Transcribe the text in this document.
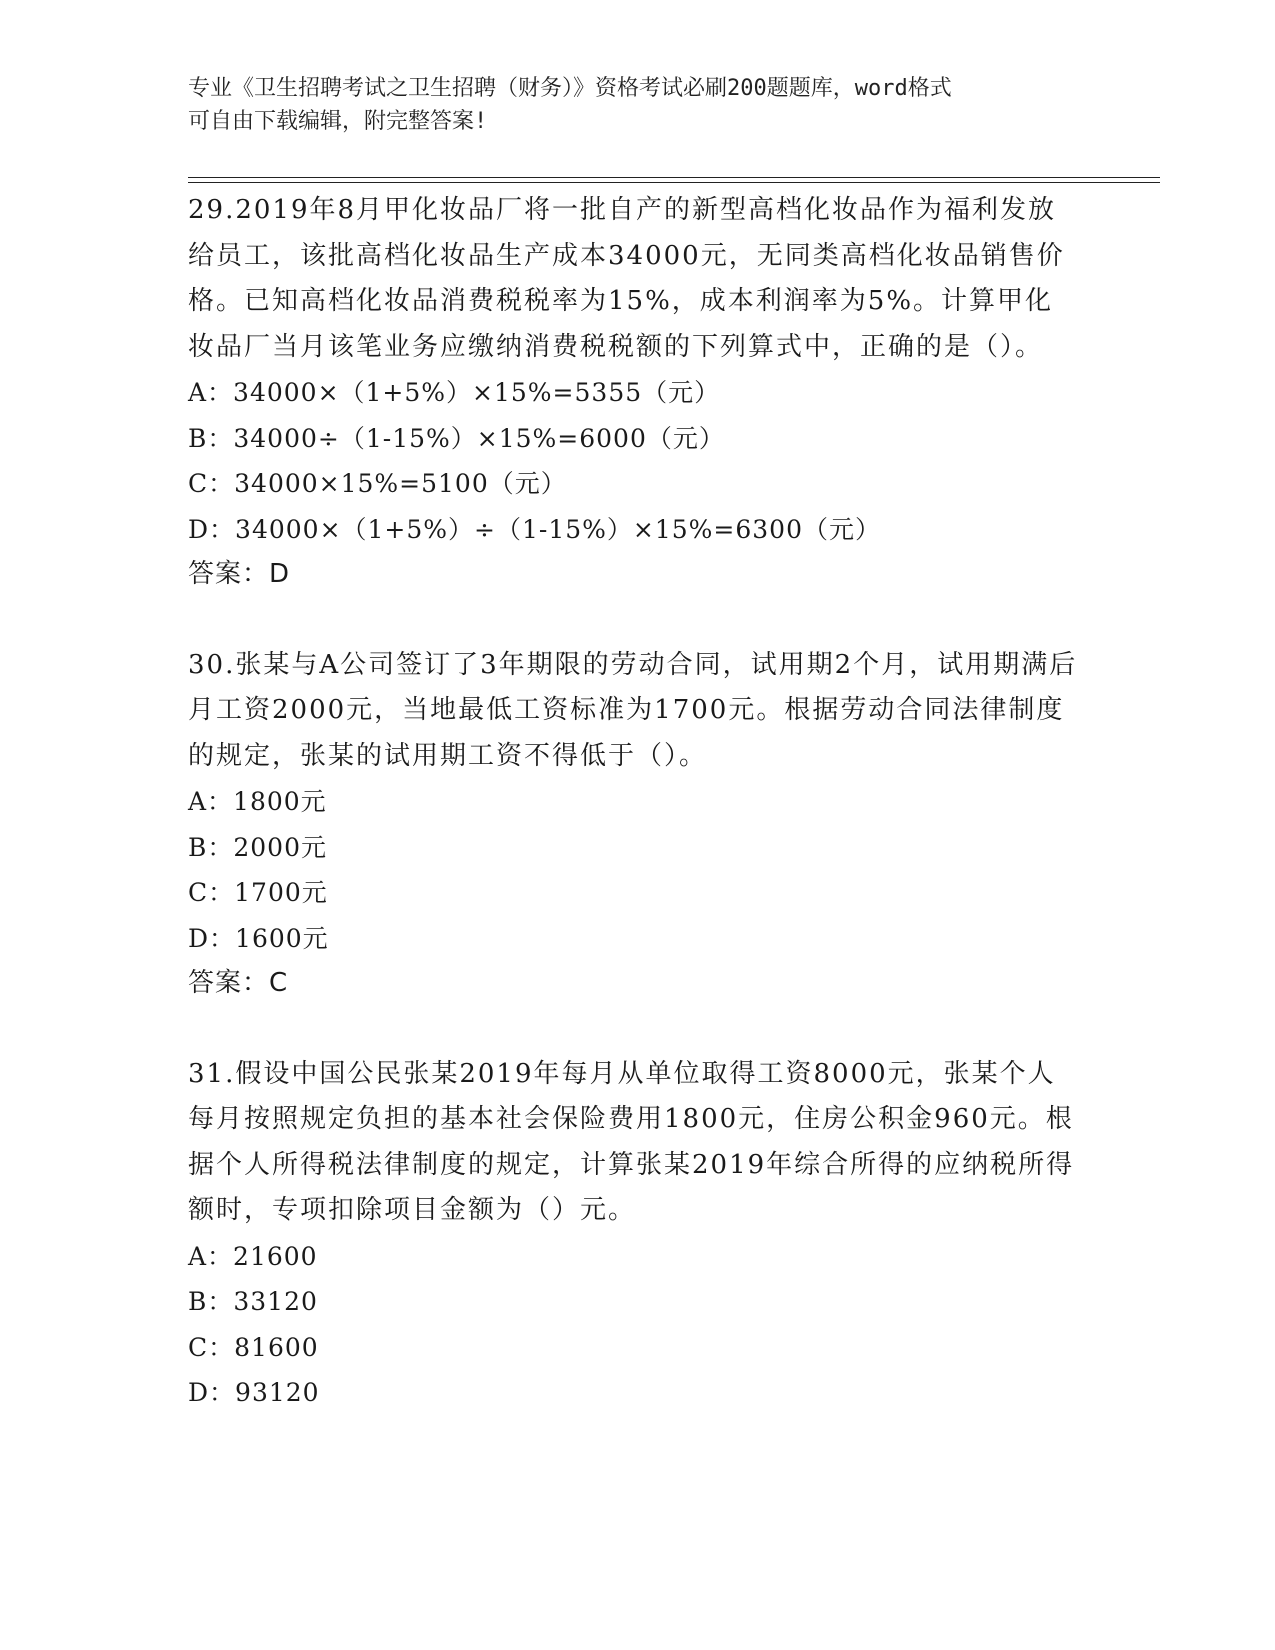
专业《卫生招聘考试之卫生招聘（财务）》资格考试必刷200题题库，word格式
可自由下载编辑，附完整答案!

29.2019年8月甲化妆品厂将一批自产的新型高档化妆品作为福利发放给员工，该批高档化妆品生产成本34000元，无同类高档化妆品销售价格。已知高档化妆品消费税税率为15%，成本利润率为5%。计算甲化妆品厂当月该笔业务应缴纳消费税税额的下列算式中，正确的是（）。

A：34000×（1+5%）×15%=5355（元）
B：34000÷（1-15%）×15%=6000（元）
C：34000×15%=5100（元）
D：34000×（1+5%）÷（1-15%）×15%=6300（元）
答案：D

30.张某与A公司签订了3年期限的劳动合同，试用期2个月，试用期满后月工资2000元，当地最低工资标准为1700元。根据劳动合同法律制度的规定，张某的试用期工资不得低于（）。

A：1800元
B：2000元
C：1700元
D：1600元
答案：C

31.假设中国公民张某2019年每月从单位取得工资8000元，张某个人每月按照规定负担的基本社会保险费用1800元，住房公积金960元。根据个人所得税法律制度的规定，计算张某2019年综合所得的应纳税所得额时，专项扣除项目金额为（）元。

A：21600
B：33120
C：81600
D：93120
